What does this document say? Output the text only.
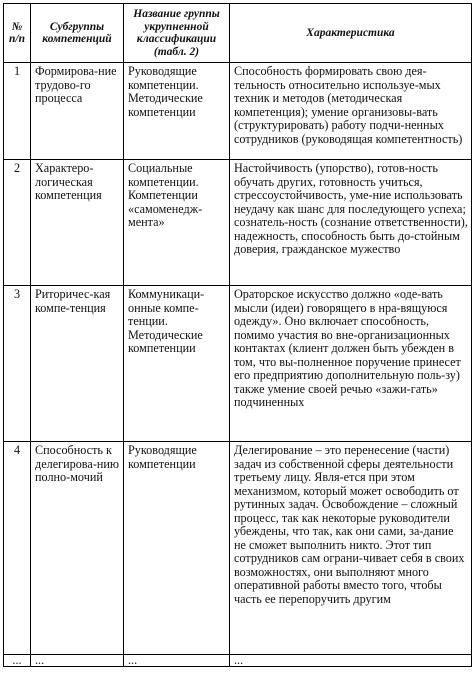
№ п/п	Субгруппы компетенций	Название группы укрупненной классификации (табл. 2)	Характеристика
1	Формирова-ние трудово-го процесса	Руководящие компетенции. Методические компетенции	Способность формировать свою дея-тельность относительно используе-мых техник и методов (методическая компетенция); умение организовы-вать (структурировать) работу подчи-ненных сотрудников (руководящая компетентность)
2	Характеро-логическая компетенция	Социальные компетенции. Компетенции «самоменедж-мента»	Настойчивость (упорство), готов-ность обучать других, готовность учиться, стрессоустойчивость, уме-ние использовать неудачу как шанс для последующего успеха; сознатель-ность (сознание ответственности), надежность, способность быть до-стойным доверия, гражданское мужество
3	Риторичес-кая компе-тенция	Коммуникаци-онные компе-тенции. Методические компетенции	Ораторское искусство должно «оде-вать мысли (идеи) говорящего в нра-вящуюся одежду». Оно включает способность, помимо участия во вне-организационных контактах (клиент должен быть убежден в том, что вы-полненное поручение принесет его предприятию дополнительную поль-зу) также умение своей речью «зажи-гать» подчиненных
4	Способность к делегирова-нию полно-мочий	Руководящие компетенции	Делегирование – это перенесение (части) задач из собственной сферы деятельности третьему лицу. Явля-ется при этом механизмом, который может освободить от рутинных задач. Освобождение – сложный процесс, так как некоторые руководители убеждены, что так, как они сами, за-дание не сможет выполнить никто. Этот тип сотрудников сам ограни-чивает себя в своих возможностях, они выполняют много оперативной работы вместо того, чтобы часть ее перепоручить другим
...	...	...	...
